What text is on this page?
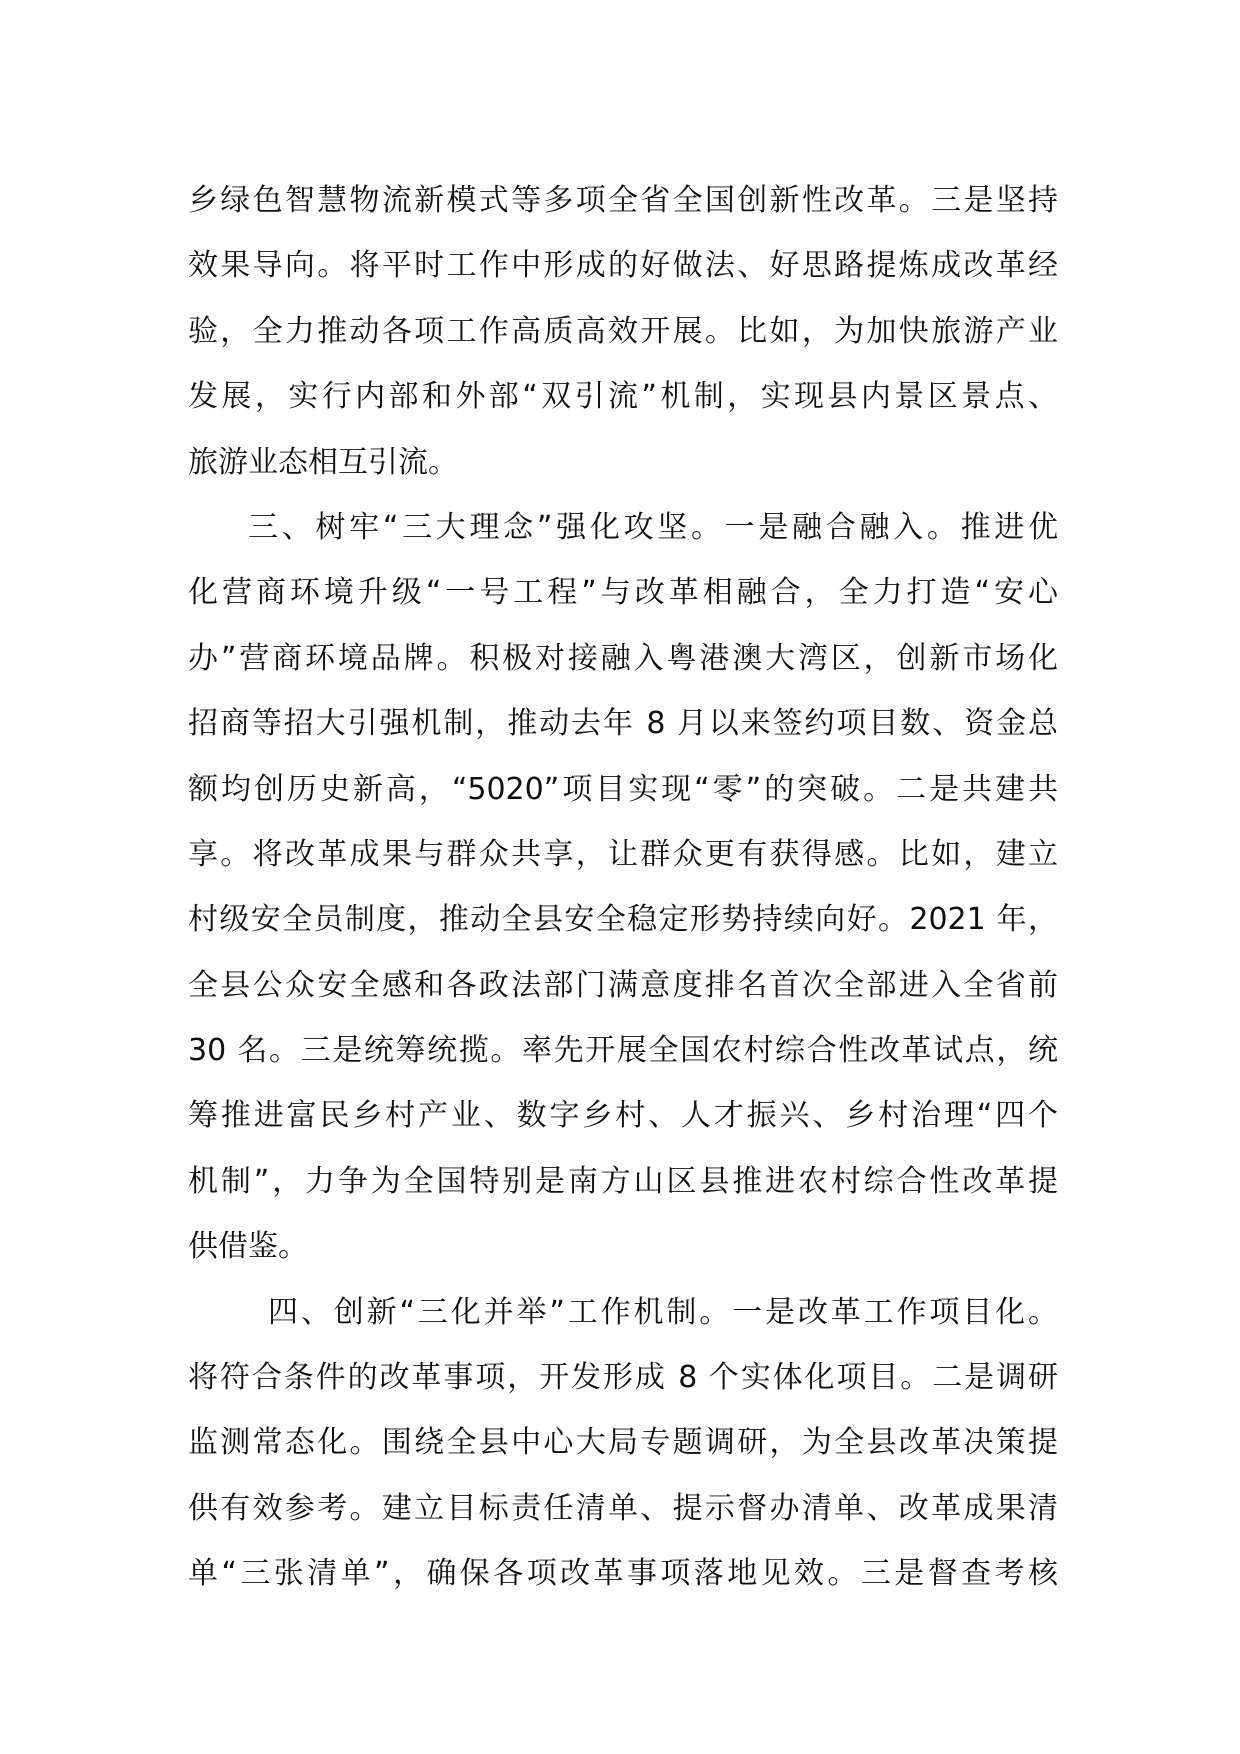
乡绿色智慧物流新模式等多项全省全国创新性改革。三是坚持
效果导向。将平时工作中形成的好做法、好思路提炼成改革经
验，全力推动各项工作高质高效开展。比如，为加快旅游产业
发展，实行内部和外部“双引流”机制，实现县内景区景点、
旅游业态相互引流。
三、树牢“三大理念”强化攻坚。一是融合融入。推进优
化营商环境升级“一号工程”与改革相融合，全力打造“安心
办”营商环境品牌。积极对接融入粤港澳大湾区，创新市场化
招商等招大引强机制，推动去年 8 月以来签约项目数、资金总
额均创历史新高，“5020”项目实现“零”的突破。二是共建共
享。将改革成果与群众共享，让群众更有获得感。比如，建立
村级安全员制度，推动全县安全稳定形势持续向好。2021 年，
全县公众安全感和各政法部门满意度排名首次全部进入全省前
30 名。三是统筹统揽。率先开展全国农村综合性改革试点，统
筹推进富民乡村产业、数字乡村、人才振兴、乡村治理“四个
机制”，力争为全国特别是南方山区县推进农村综合性改革提
供借鉴。
四、创新“三化并举”工作机制。一是改革工作项目化。
将符合条件的改革事项，开发形成 8 个实体化项目。二是调研
监测常态化。围绕全县中心大局专题调研，为全县改革决策提
供有效参考。建立目标责任清单、提示督办清单、改革成果清
单“三张清单”，确保各项改革事项落地见效。三是督查考核
